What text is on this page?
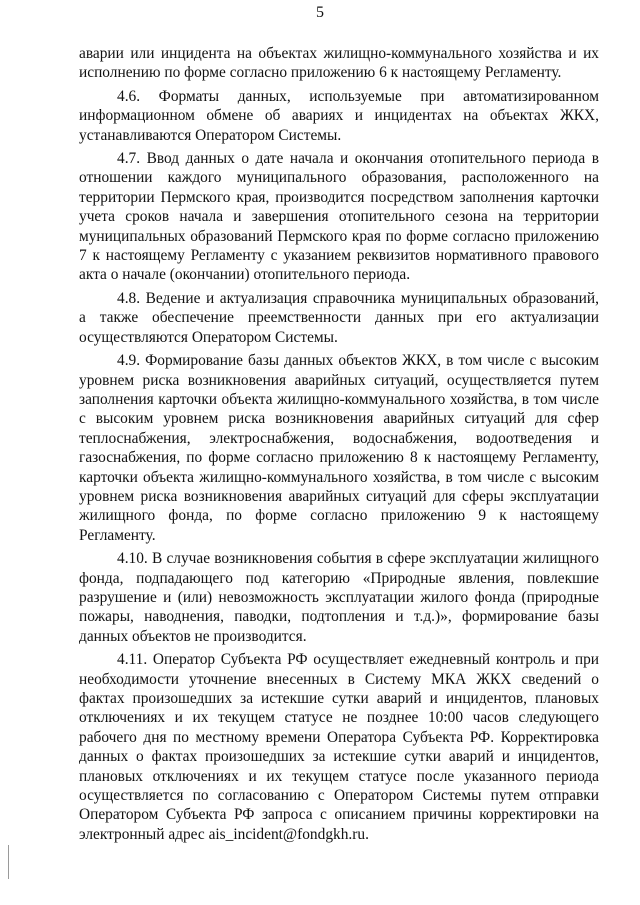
5

аварии или инцидента на объектах жилищно-коммунального хозяйства и их исполнению по форме согласно приложению 6 к настоящему Регламенту.

4.6. Форматы данных, используемые при автоматизированном информационном обмене об авариях и инцидентах на объектах ЖКХ, устанавливаются Оператором Системы.

4.7. Ввод данных о дате начала и окончания отопительного периода в отношении каждого муниципального образования, расположенного на территории Пермского края, производится посредством заполнения карточки учета сроков начала и завершения отопительного сезона на территории муниципальных образований Пермского края по форме согласно приложению 7 к настоящему Регламенту с указанием реквизитов нормативного правового акта о начале (окончании) отопительного периода.

4.8. Ведение и актуализация справочника муниципальных образований, а также обеспечение преемственности данных при его актуализации осуществляются Оператором Системы.

4.9. Формирование базы данных объектов ЖКХ, в том числе с высоким уровнем риска возникновения аварийных ситуаций, осуществляется путем заполнения карточки объекта жилищно-коммунального хозяйства, в том числе с высоким уровнем риска возникновения аварийных ситуаций для сфер теплоснабжения, электроснабжения, водоснабжения, водоотведения и газоснабжения, по форме согласно приложению 8 к настоящему Регламенту, карточки объекта жилищно-коммунального хозяйства, в том числе с высоким уровнем риска возникновения аварийных ситуаций для сферы эксплуатации жилищного фонда, по форме согласно приложению 9 к настоящему Регламенту.

4.10. В случае возникновения события в сфере эксплуатации жилищного фонда, подпадающего под категорию «Природные явления, повлекшие разрушение и (или) невозможность эксплуатации жилого фонда (природные пожары, наводнения, паводки, подтопления и т.д.)», формирование базы данных объектов не производится.

4.11. Оператор Субъекта РФ осуществляет ежедневный контроль и при необходимости уточнение внесенных в Систему МКА ЖКХ сведений о фактах произошедших за истекшие сутки аварий и инцидентов, плановых отключениях и их текущем статусе не позднее 10:00 часов следующего рабочего дня по местному времени Оператора Субъекта РФ. Корректировка данных о фактах произошедших за истекшие сутки аварий и инцидентов, плановых отключениях и их текущем статусе после указанного периода осуществляется по согласованию с Оператором Системы путем отправки Оператором Субъекта РФ запроса с описанием причины корректировки на электронный адрес ais_incident@fondgkh.ru.
